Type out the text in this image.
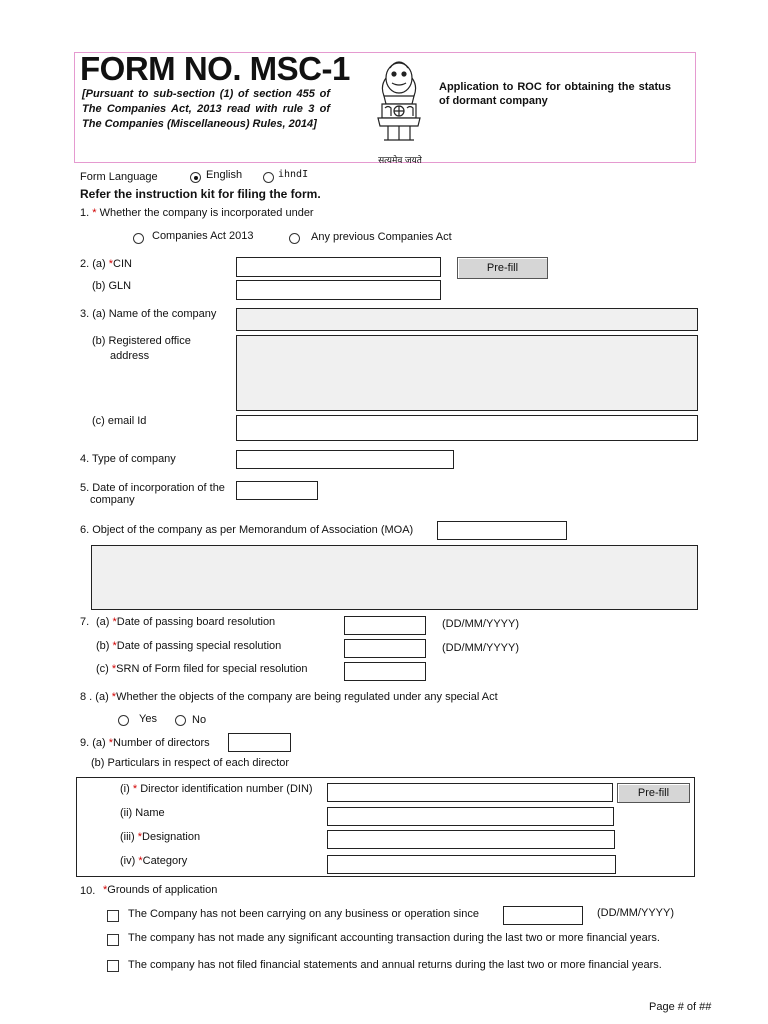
FORM NO. MSC-1
[Pursuant to sub-section (1) of section 455 of The Companies Act, 2013 read with rule 3 of The Companies (Miscellaneous) Rules, 2014]
Application to ROC for obtaining the status of dormant company
सत्यमेव जयते
Form Language	English	ihndI
Refer the instruction kit for filing the form.
1. * Whether the company is incorporated under
Companies Act 2013	Any previous Companies Act
2. (a) *CIN	Pre-fill
(b) GLN
3. (a) Name of the company
(b) Registered office
address
(c) email Id
4. Type of company
5. Date of incorporation of the
company
6. Object of the company as per Memorandum of Association (MOA)
7. (a) *Date of passing board resolution	(DD/MM/YYYY)
(b) *Date of passing special resolution	(DD/MM/YYYY)
(c) *SRN of Form filed for special resolution
8 . (a) *Whether the objects of the company are being regulated under any special Act
Yes	No
9. (a) *Number of directors
(b) Particulars in respect of each director
(i) * Director identification number (DIN)	Pre-fill
(ii) Name
(iii) *Designation
(iv) *Category
10. *Grounds of application
The Company has not been carrying on any business or operation since	(DD/MM/YYYY)
The company has not made any significant accounting transaction during the last two or more financial years.
The company has not filed financial statements and annual returns during the last two or more financial years.
Page # of ##
